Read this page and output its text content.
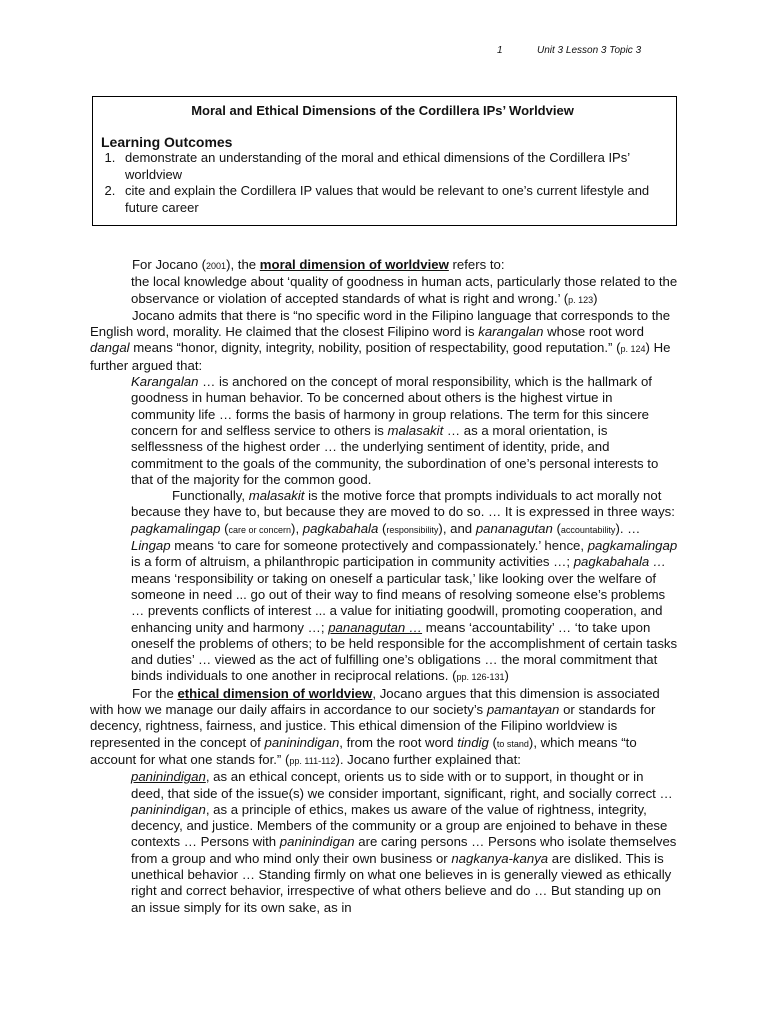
1	Unit 3 Lesson 3 Topic 3

Moral and Ethical Dimensions of the Cordillera IPs’ Worldview

Learning Outcomes

1. demonstrate an understanding of the moral and ethical dimensions of the Cordillera IPs’ worldview
2. cite and explain the Cordillera IP values that would be relevant to one’s current lifestyle and future career

For Jocano (2001), the moral dimension of worldview refers to:

the local knowledge about ‘quality of goodness in human acts, particularly those related to the observance or violation of accepted standards of what is right and wrong.’ (p. 123)

Jocano admits that there is “no specific word in the Filipino language that corresponds to the English word, morality. He claimed that the closest Filipino word is karangalan whose root word dangal means “honor, dignity, integrity, nobility, position of respectability, good reputation.” (p. 124) He further argued that:

Karangalan … is anchored on the concept of moral responsibility, which is the hallmark of goodness in human behavior. To be concerned about others is the highest virtue in community life … forms the basis of harmony in group relations. The term for this sincere concern for and selfless service to others is malasakit … as a moral orientation, is selflessness of the highest order … the underlying sentiment of identity, pride, and commitment to the goals of the community, the subordination of one’s personal interests to that of the majority for the common good.

Functionally, malasakit is the motive force that prompts individuals to act morally not because they have to, but because they are moved to do so. … It is expressed in three ways: pagkamalingap (care or concern), pagkabahala (responsibility), and pananagutan (accountability). … Lingap means ‘to care for someone protectively and compassionately.’ hence, pagkamalingap is a form of altruism, a philanthropic participation in community activities …; pagkabahala … means ‘responsibility or taking on oneself a particular task,’ like looking over the welfare of someone in need ... go out of their way to find means of resolving someone else’s problems … prevents conflicts of interest ... a value for initiating goodwill, promoting cooperation, and enhancing unity and harmony …; pananagutan … means ‘accountability’ … ‘to take upon oneself the problems of others; to be held responsible for the accomplishment of certain tasks and duties’ … viewed as the act of fulfilling one’s obligations … the moral commitment that binds individuals to one another in reciprocal relations. (pp. 126-131)

For the ethical dimension of worldview, Jocano argues that this dimension is associated with how we manage our daily affairs in accordance to our society’s pamantayan or standards for decency, rightness, fairness, and justice. This ethical dimension of the Filipino worldview is represented in the concept of paninindigan, from the root word tindig (to stand), which means “to account for what one stands for.” (pp. 111-112). Jocano further explained that:

paninindigan, as an ethical concept, orients us to side with or to support, in thought or in deed, that side of the issue(s) we consider important, significant, right, and socially correct … paninindigan, as a principle of ethics, makes us aware of the value of rightness, integrity, decency, and justice. Members of the community or a group are enjoined to behave in these contexts … Persons with paninindigan are caring persons … Persons who isolate themselves from a group and who mind only their own business or nagkanya-kanya are disliked. This is unethical behavior … Standing firmly on what one believes in is generally viewed as ethically right and correct behavior, irrespective of what others believe and do … But standing up on an issue simply for its own sake, as in
